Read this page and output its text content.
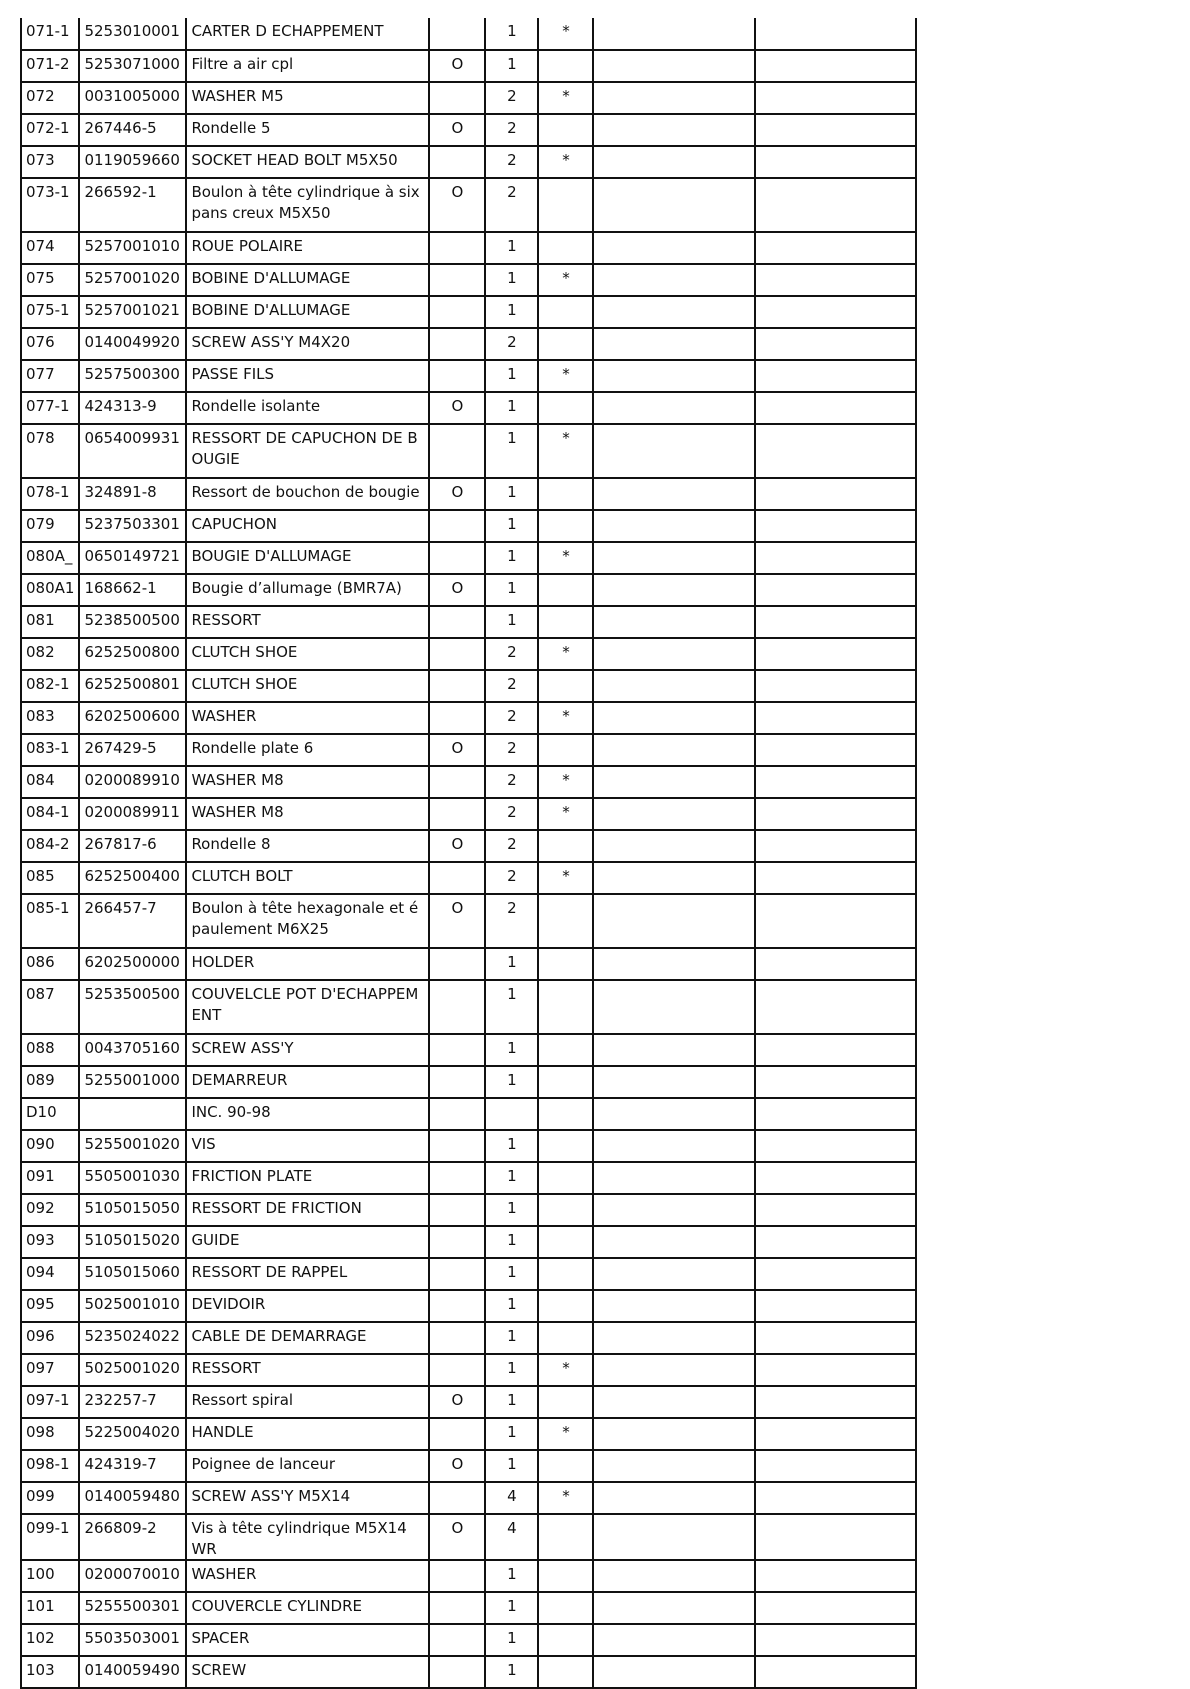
071-1	5253010001	CARTER D ECHAPPEMENT		1	*		
071-2	5253071000	Filtre a air cpl	O	1			
072	0031005000	WASHER M5		2	*		
072-1	267446-5	Rondelle 5	O	2			
073	0119059660	SOCKET HEAD BOLT M5X50		2	*		
073-1	266592-1	Boulon à tête cylindrique à six pans creux M5X50	O	2			
074	5257001010	ROUE POLAIRE		1			
075	5257001020	BOBINE D'ALLUMAGE		1	*		
075-1	5257001021	BOBINE D'ALLUMAGE		1			
076	0140049920	SCREW ASS'Y M4X20		2			
077	5257500300	PASSE FILS		1	*		
077-1	424313-9	Rondelle isolante	O	1			
078	0654009931	RESSORT DE CAPUCHON DE BOUGIE		1	*		
078-1	324891-8	Ressort de bouchon de bougie	O	1			
079	5237503301	CAPUCHON		1			
080A_	0650149721	BOUGIE D'ALLUMAGE		1	*		
080A1	168662-1	Bougie d’allumage (BMR7A)	O	1			
081	5238500500	RESSORT		1			
082	6252500800	CLUTCH SHOE		2	*		
082-1	6252500801	CLUTCH SHOE		2			
083	6202500600	WASHER		2	*		
083-1	267429-5	Rondelle plate 6	O	2			
084	0200089910	WASHER M8		2	*		
084-1	0200089911	WASHER M8		2	*		
084-2	267817-6	Rondelle 8	O	2			
085	6252500400	CLUTCH BOLT		2	*		
085-1	266457-7	Boulon à tête hexagonale et épaulement M6X25	O	2			
086	6202500000	HOLDER		1			
087	5253500500	COUVELCLE POT D'ECHAPPEMENT		1			
088	0043705160	SCREW ASS'Y		1			
089	5255001000	DEMARREUR		1			
D10		INC. 90-98					
090	5255001020	VIS		1			
091	5505001030	FRICTION PLATE		1			
092	5105015050	RESSORT DE FRICTION		1			
093	5105015020	GUIDE		1			
094	5105015060	RESSORT DE RAPPEL		1			
095	5025001010	DEVIDOIR		1			
096	5235024022	CABLE DE DEMARRAGE		1			
097	5025001020	RESSORT		1	*		
097-1	232257-7	Ressort spiral	O	1			
098	5225004020	HANDLE		1	*		
098-1	424319-7	Poignee de lanceur	O	1			
099	0140059480	SCREW ASS'Y M5X14		4	*		
099-1	266809-2	Vis à tête cylindrique M5X14 WR	O	4			
100	0200070010	WASHER		1			
101	5255500301	COUVERCLE CYLINDRE		1			
102	5503503001	SPACER		1			
103	0140059490	SCREW		1			
